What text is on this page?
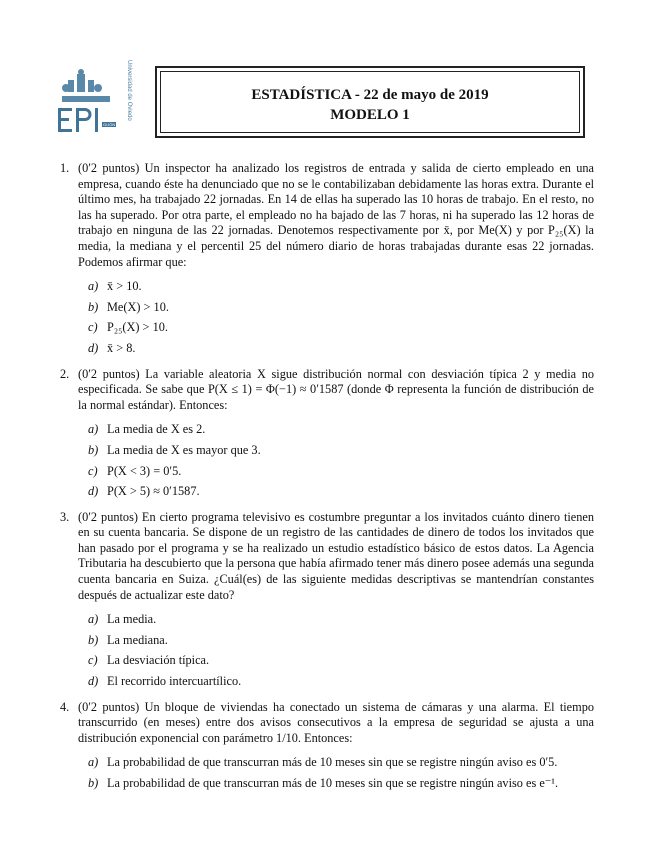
GIJÓN
Universidad de Oviedo	ESTADÍSTICA - 22 de mayo de 2019
MODELO 1
1. (0′2 puntos) Un inspector ha analizado los registros de entrada y salida de cierto empleado en una empresa, cuando éste ha denunciado que no se le contabilizaban debidamente las horas extra. Durante el último mes, ha trabajado 22 jornadas. En 14 de ellas ha superado las 10 horas de trabajo. En el resto, no las ha superado. Por otra parte, el empleado no ha bajado de las 7 horas, ni ha superado las 12 horas de trabajo en ninguna de las 22 jornadas. Denotemos respectivamente por x̄, por Me(X) y por P₂₅(X) la media, la mediana y el percentil 25 del número diario de horas trabajadas durante esas 22 jornadas. Podemos afirmar que:
a) x̄ > 10.
b) Me(X) > 10.
c) P₂₅(X) > 10.
d) x̄ > 8.
2. (0′2 puntos) La variable aleatoria X sigue distribución normal con desviación típica 2 y media no especificada. Se sabe que P(X ≤ 1) = Φ(−1) ≈ 0′1587 (donde Φ representa la función de distribución de la normal estándar). Entonces:
a) La media de X es 2.
b) La media de X es mayor que 3.
c) P(X < 3) = 0′5.
d) P(X > 5) ≈ 0′1587.
3. (0′2 puntos) En cierto programa televisivo es costumbre preguntar a los invitados cuánto dinero tienen en su cuenta bancaria. Se dispone de un registro de las cantidades de dinero de todos los invitados que han pasado por el programa y se ha realizado un estudio estadístico básico de estos datos. La Agencia Tributaria ha descubierto que la persona que había afirmado tener más dinero posee además una segunda cuenta bancaria en Suiza. ¿Cuál(es) de las siguiente medidas descriptivas se mantendrían constantes después de actualizar este dato?
a) La media.
b) La mediana.
c) La desviación típica.
d) El recorrido intercuartílico.
4. (0′2 puntos) Un bloque de viviendas ha conectado un sistema de cámaras y una alarma. El tiempo transcurrido (en meses) entre dos avisos consecutivos a la empresa de seguridad se ajusta a una distribución exponencial con parámetro 1/10. Entonces:
a) La probabilidad de que transcurran más de 10 meses sin que se registre ningún aviso es 0′5.
b) La probabilidad de que transcurran más de 10 meses sin que se registre ningún aviso es e⁻¹.
